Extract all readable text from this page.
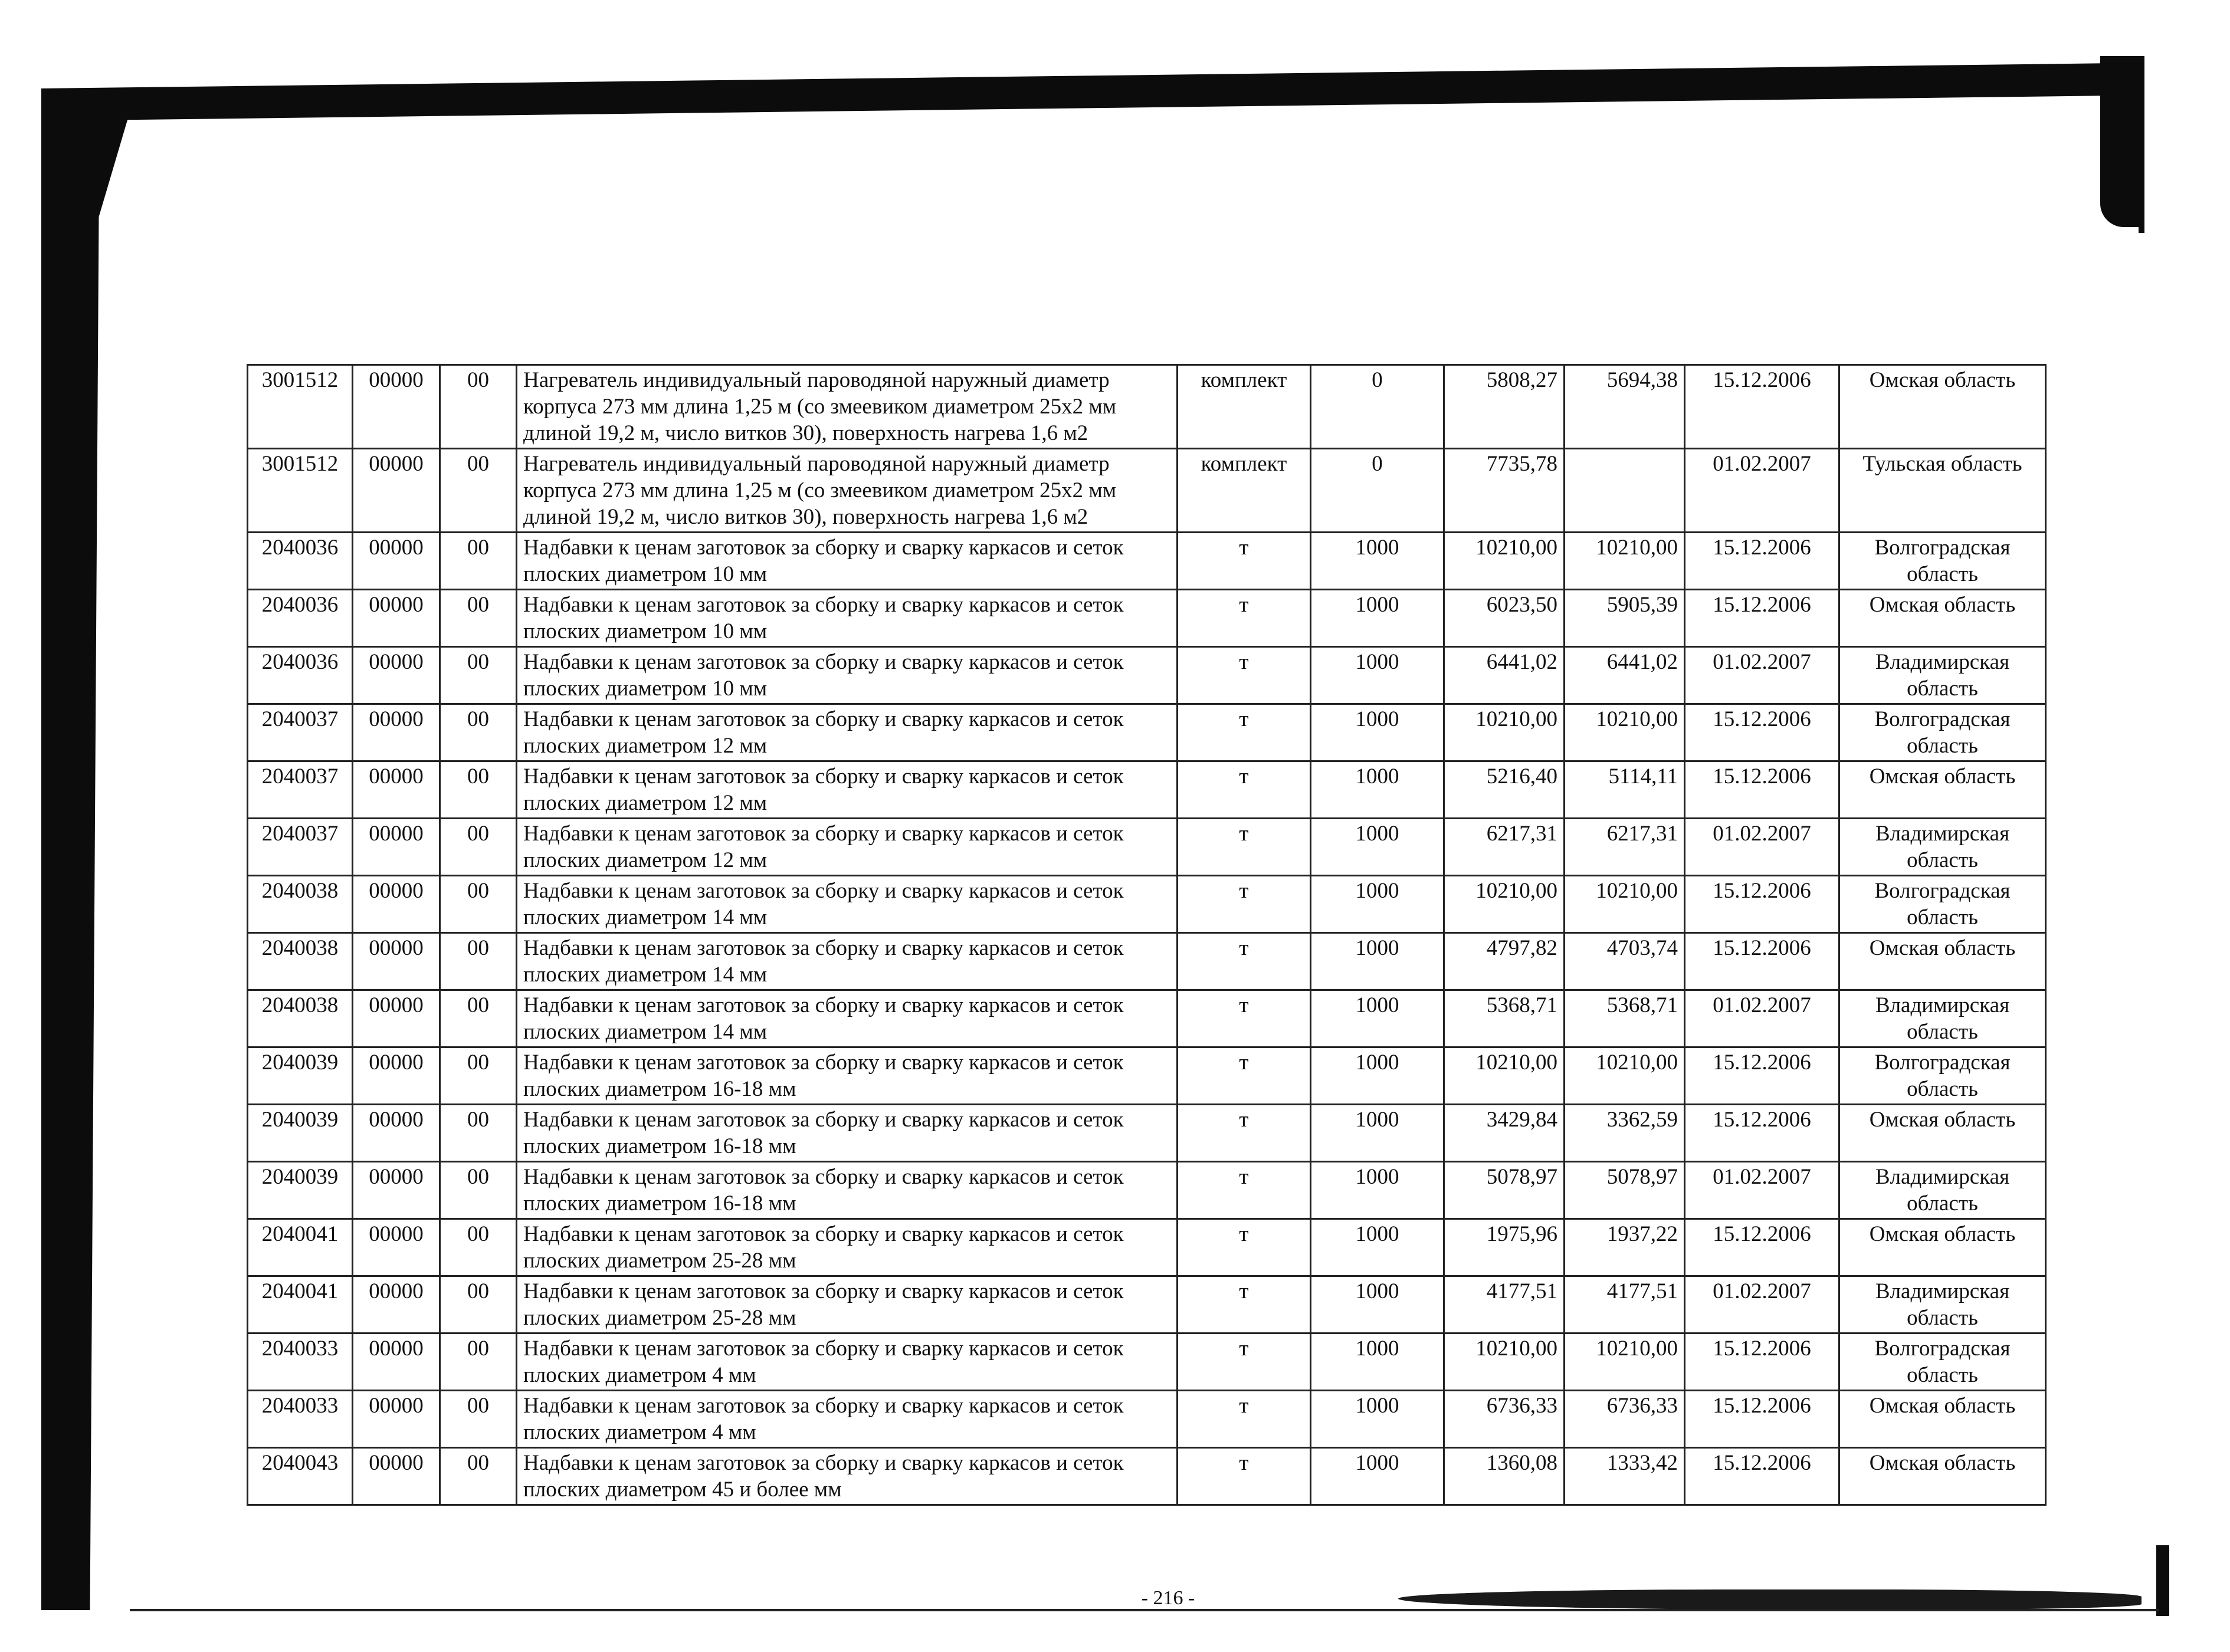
3001512	00000	00	Нагреватель индивидуальный пароводяной наружный диаметр корпуса 273 мм длина 1,25 м (со змеевиком диаметром 25х2 мм длиной 19,2 м, число витков 30), поверхность нагрева 1,6 м2	комплект	0	5808,27	5694,38	15.12.2006	Омская область
3001512	00000	00	Нагреватель индивидуальный пароводяной наружный диаметр корпуса 273 мм длина 1,25 м (со змеевиком диаметром 25х2 мм длиной 19,2 м, число витков 30), поверхность нагрева 1,6 м2	комплект	0	7735,78		01.02.2007	Тульская область
2040036	00000	00	Надбавки к ценам заготовок за сборку и сварку каркасов и сеток плоских диаметром 10 мм	т	1000	10210,00	10210,00	15.12.2006	Волгоградская область
2040036	00000	00	Надбавки к ценам заготовок за сборку и сварку каркасов и сеток плоских диаметром 10 мм	т	1000	6023,50	5905,39	15.12.2006	Омская область
2040036	00000	00	Надбавки к ценам заготовок за сборку и сварку каркасов и сеток плоских диаметром 10 мм	т	1000	6441,02	6441,02	01.02.2007	Владимирская область
2040037	00000	00	Надбавки к ценам заготовок за сборку и сварку каркасов и сеток плоских диаметром 12 мм	т	1000	10210,00	10210,00	15.12.2006	Волгоградская область
2040037	00000	00	Надбавки к ценам заготовок за сборку и сварку каркасов и сеток плоских диаметром 12 мм	т	1000	5216,40	5114,11	15.12.2006	Омская область
2040037	00000	00	Надбавки к ценам заготовок за сборку и сварку каркасов и сеток плоских диаметром 12 мм	т	1000	6217,31	6217,31	01.02.2007	Владимирская область
2040038	00000	00	Надбавки к ценам заготовок за сборку и сварку каркасов и сеток плоских диаметром 14 мм	т	1000	10210,00	10210,00	15.12.2006	Волгоградская область
2040038	00000	00	Надбавки к ценам заготовок за сборку и сварку каркасов и сеток плоских диаметром 14 мм	т	1000	4797,82	4703,74	15.12.2006	Омская область
2040038	00000	00	Надбавки к ценам заготовок за сборку и сварку каркасов и сеток плоских диаметром 14 мм	т	1000	5368,71	5368,71	01.02.2007	Владимирская область
2040039	00000	00	Надбавки к ценам заготовок за сборку и сварку каркасов и сеток плоских диаметром 16-18 мм	т	1000	10210,00	10210,00	15.12.2006	Волгоградская область
2040039	00000	00	Надбавки к ценам заготовок за сборку и сварку каркасов и сеток плоских диаметром 16-18 мм	т	1000	3429,84	3362,59	15.12.2006	Омская область
2040039	00000	00	Надбавки к ценам заготовок за сборку и сварку каркасов и сеток плоских диаметром 16-18 мм	т	1000	5078,97	5078,97	01.02.2007	Владимирская область
2040041	00000	00	Надбавки к ценам заготовок за сборку и сварку каркасов и сеток плоских диаметром 25-28 мм	т	1000	1975,96	1937,22	15.12.2006	Омская область
2040041	00000	00	Надбавки к ценам заготовок за сборку и сварку каркасов и сеток плоских диаметром 25-28 мм	т	1000	4177,51	4177,51	01.02.2007	Владимирская область
2040033	00000	00	Надбавки к ценам заготовок за сборку и сварку каркасов и сеток плоских диаметром 4 мм	т	1000	10210,00	10210,00	15.12.2006	Волгоградская область
2040033	00000	00	Надбавки к ценам заготовок за сборку и сварку каркасов и сеток плоских диаметром 4 мм	т	1000	6736,33	6736,33	15.12.2006	Омская область
2040043	00000	00	Надбавки к ценам заготовок за сборку и сварку каркасов и сеток плоских диаметром 45 и более мм	т	1000	1360,08	1333,42	15.12.2006	Омская область
- 216 -
